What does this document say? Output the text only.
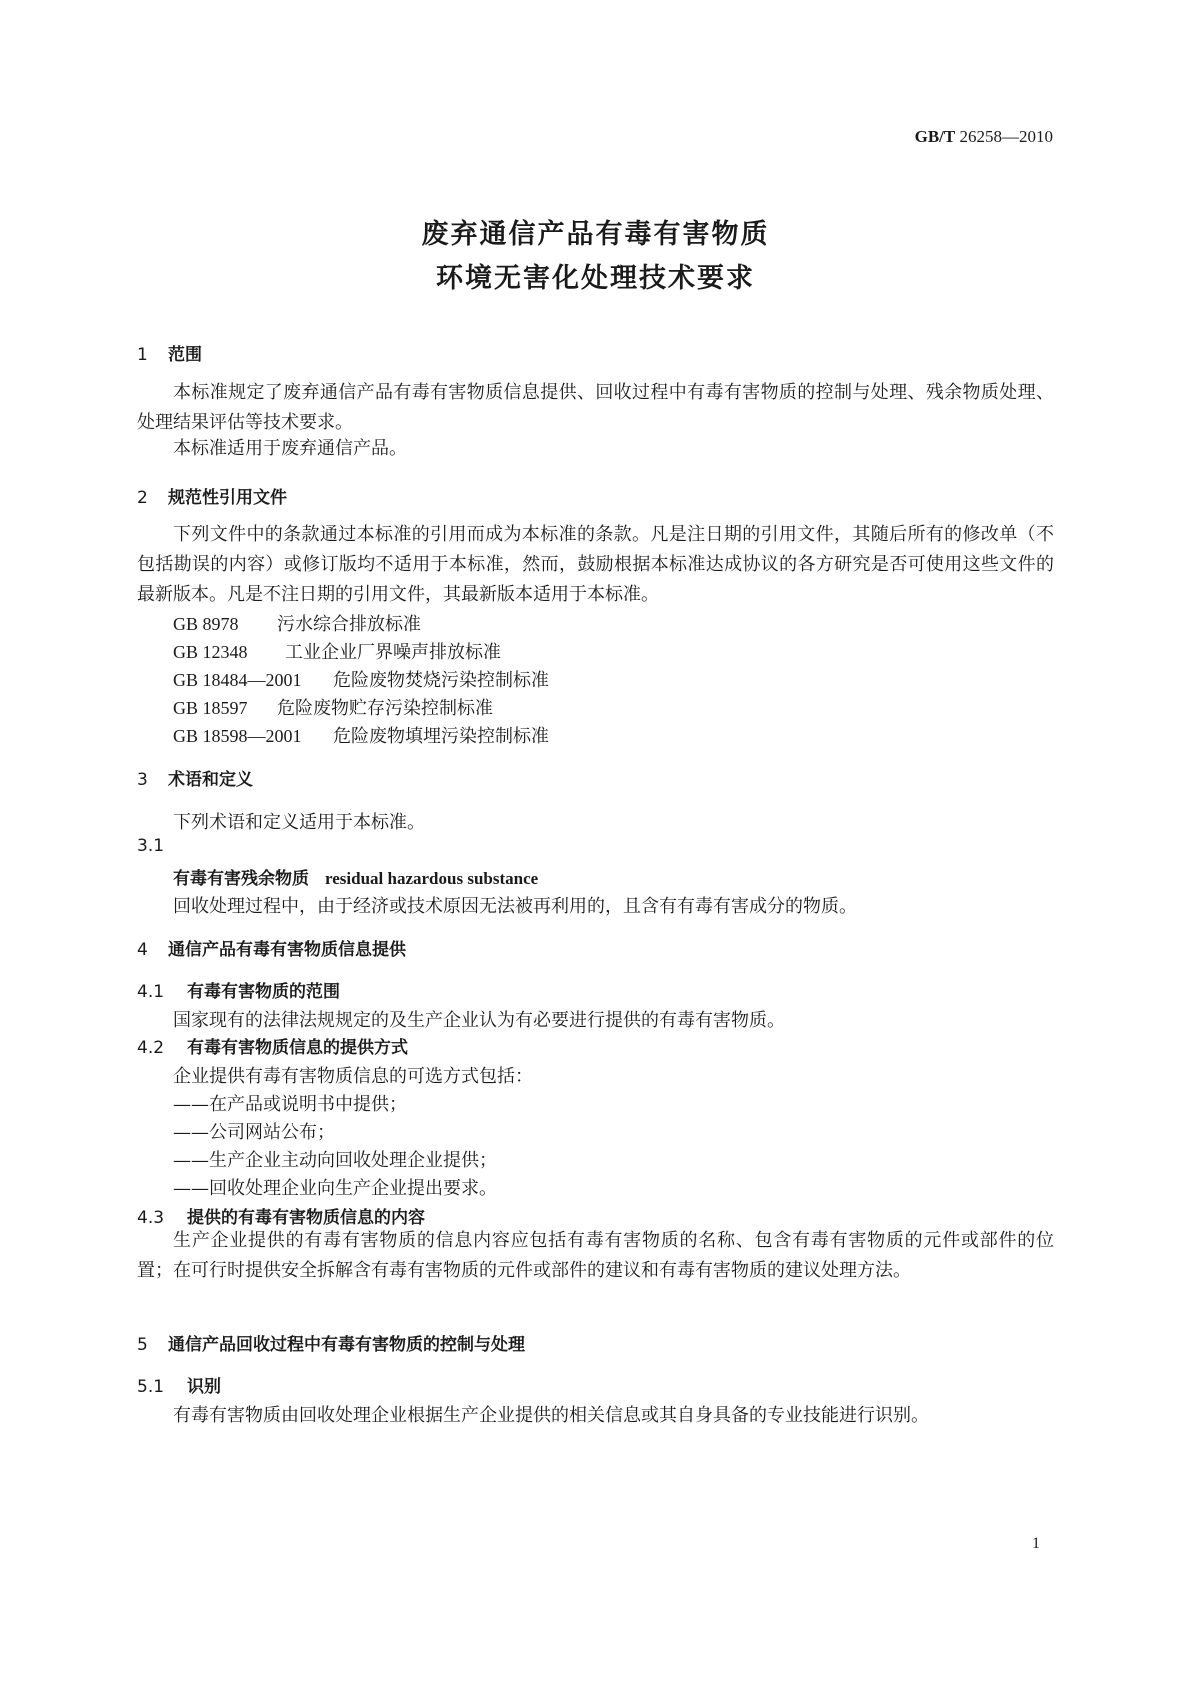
GB/T 26258—2010
废弃通信产品有毒有害物质
环境无害化处理技术要求
1 范围
本标准规定了废弃通信产品有毒有害物质信息提供、回收过程中有毒有害物质的控制与处理、残余物质处理、处理结果评估等技术要求。
本标准适用于废弃通信产品。
2 规范性引用文件
下列文件中的条款通过本标准的引用而成为本标准的条款。凡是注日期的引用文件，其随后所有的修改单（不包括勘误的内容）或修订版均不适用于本标准，然而，鼓励根据本标准达成协议的各方研究是否可使用这些文件的最新版本。凡是不注日期的引用文件，其最新版本适用于本标准。
GB 8978 污水综合排放标准
GB 12348 工业企业厂界噪声排放标准
GB 18484—2001 危险废物焚烧污染控制标准
GB 18597 危险废物贮存污染控制标准
GB 18598—2001 危险废物填埋污染控制标准
3 术语和定义
下列术语和定义适用于本标准。
3.1
有毒有害残余物质 residual hazardous substance
回收处理过程中，由于经济或技术原因无法被再利用的，且含有有毒有害成分的物质。
4 通信产品有毒有害物质信息提供
4.1 有毒有害物质的范围
国家现有的法律法规规定的及生产企业认为有必要进行提供的有毒有害物质。
4.2 有毒有害物质信息的提供方式
企业提供有毒有害物质信息的可选方式包括：
——在产品或说明书中提供；
——公司网站公布；
——生产企业主动向回收处理企业提供；
——回收处理企业向生产企业提出要求。
4.3 提供的有毒有害物质信息的内容
生产企业提供的有毒有害物质的信息内容应包括有毒有害物质的名称、包含有毒有害物质的元件或部件的位置；在可行时提供安全拆解含有毒有害物质的元件或部件的建议和有毒有害物质的建议处理方法。
5 通信产品回收过程中有毒有害物质的控制与处理
5.1 识别
有毒有害物质由回收处理企业根据生产企业提供的相关信息或其自身具备的专业技能进行识别。
1
